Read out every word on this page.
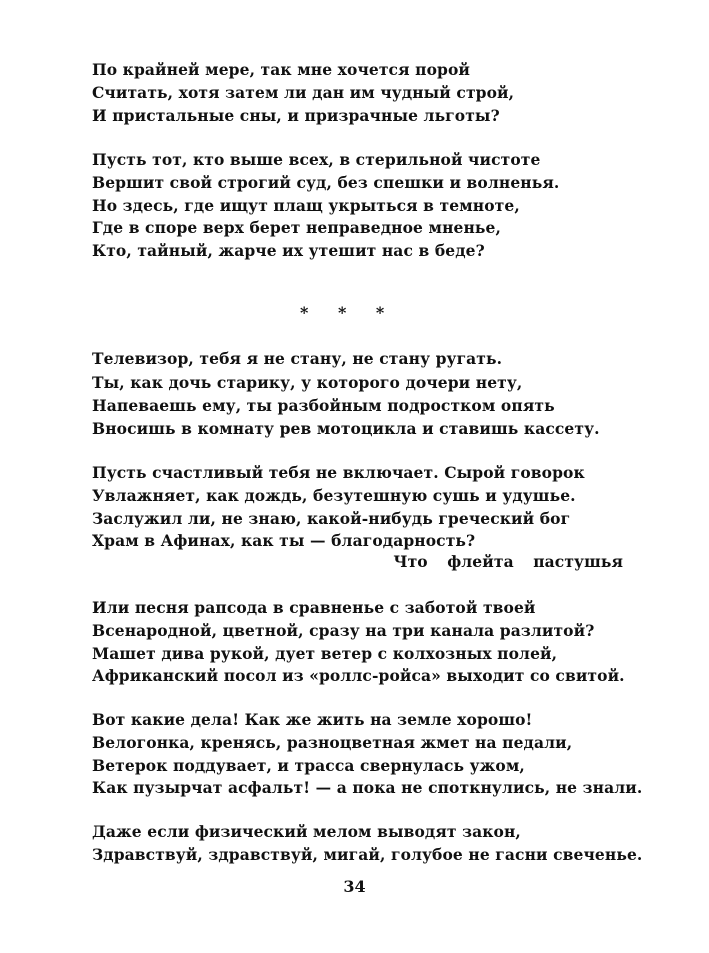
По крайней мере, так мне хочется порой
Считать, хотя затем ли дан им чудный строй,
И пристальные сны, и призрачные льготы?
Пусть тот, кто выше всех, в стерильной чистоте
Вершит свой строгий суд, без спешки и волненья.
Но здесь, где ищут плащ укрыться в темноте,
Где в споре верх берет неправедное мненье,
Кто, тайный, жарче их утешит нас в беде?
* * *
Телевизор, тебя я не стану, не стану ругать.
Ты, как дочь старику, у которого дочери нету,
Напеваешь ему, ты разбойным подростком опять
Вносишь в комнату рев мотоцикла и ставишь кассету.
Пусть счастливый тебя не включает. Сырой говорок
Увлажняет, как дождь, безутешную сушь и удушье.
Заслужил ли, не знаю, какой-нибудь греческий бог
Храм в Афинах, как ты — благодарность?
Что флейта пастушья
Или песня рапсода в сравненье с заботой твоей
Всенародной, цветной, сразу на три канала разлитой?
Машет дива рукой, дует ветер с колхозных полей,
Африканский посол из «роллс-ройса» выходит со свитой.
Вот какие дела! Как же жить на земле хорошо!
Велогонка, кренясь, разноцветная жмет на педали,
Ветерок поддувает, и трасса свернулась ужом,
Как пузырчат асфальт! — а пока не споткнулись, не знали.
Даже если физический мелом выводят закон,
Здравствуй, здравствуй, мигай, голубое не гасни свеченье.
34
